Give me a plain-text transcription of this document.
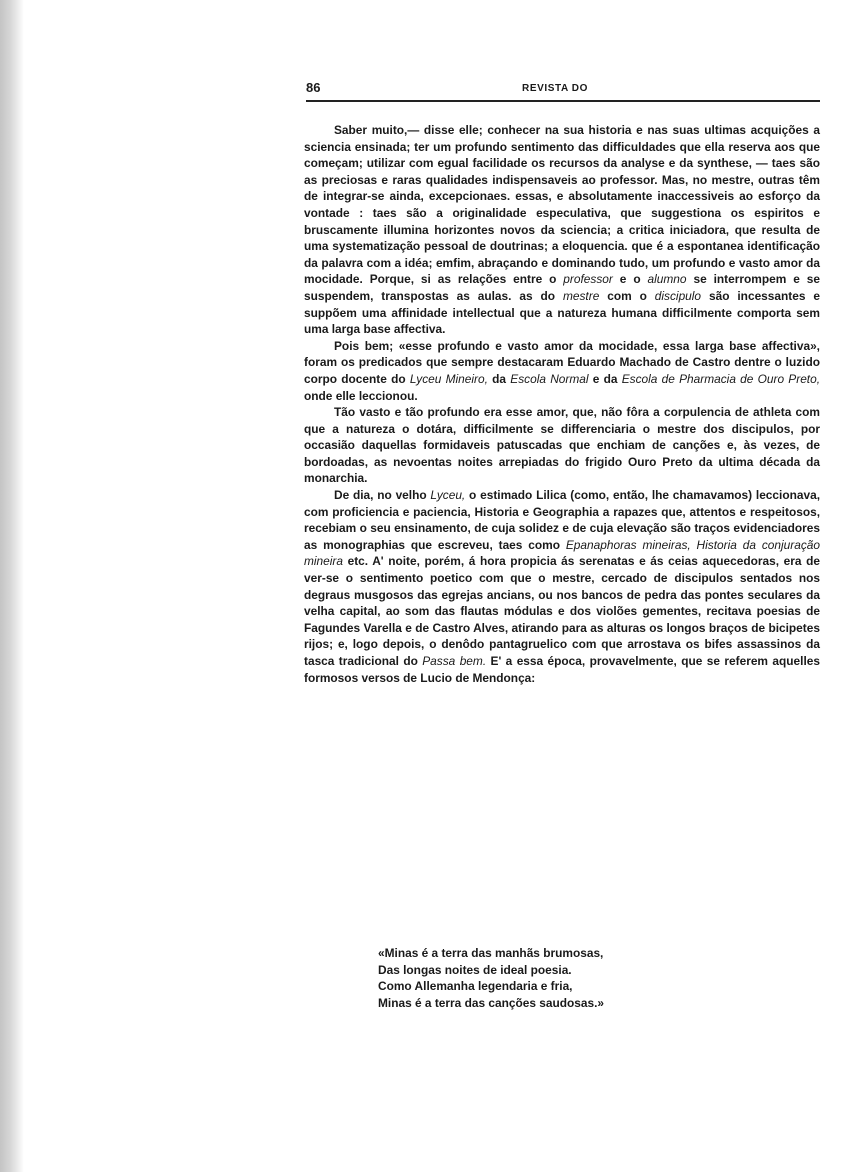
86	REVISTA DO

Saber muito,— disse elle; conhecer na sua historia e nas suas ultimas acquições a sciencia ensinada; ter um profundo sentimento das difficuldades que ella reserva aos que começam; utilizar com egual facilidade os recursos da analyse e da synthese, — taes são as preciosas e raras qualidades indispensaveis ao professor. Mas, no mestre, outras têm de integrar-se ainda, excepcionaes. essas, e absolutamente inaccessiveis ao esforço da vontade : taes são a originalidade especulativa, que suggestiona os espiritos e bruscamente illumina horizontes novos da sciencia; a critica iniciadora, que resulta de uma systematização pessoal de doutrinas; a eloquencia. que é a espontanea identificação da palavra com a idéa; emfim, abraçando e dominando tudo, um profundo e vasto amor da mocidade. Porque, si as relações entre o professor e o alumno se interrompem e se suspendem, transpostas as aulas. as do mestre com o discipulo são incessantes e suppõem uma affinidade intellectual que a natureza humana difficilmente comporta sem uma larga base affectiva.

Pois bem; «esse profundo e vasto amor da mocidade, essa larga base affectiva», foram os predicados que sempre destacaram Eduardo Machado de Castro dentre o luzido corpo docente do Lyceu Mineiro, da Escola Normal e da Escola de Pharmacia de Ouro Preto, onde elle leccionou.

Tão vasto e tão profundo era esse amor, que, não fôra a corpulencia de athleta com que a natureza o dotára, difficilmente se differenciaria o mestre dos discipulos, por occasião daquellas formidaveis patuscadas que enchiam de canções e, às vezes, de bordoadas, as nevoentas noites arrepiadas do frigido Ouro Preto da ultima década da monarchia.

De dia, no velho Lyceu, o estimado Lilica (como, então, lhe chamavamos) leccionava, com proficiencia e paciencia, Historia e Geographia a rapazes que, attentos e respeitosos, recebiam o seu ensinamento, de cuja solidez e de cuja elevação são traços evidenciadores as monographias que escreveu, taes como Epanaphoras mineiras, Historia da conjuração mineira etc. A' noite, porém, á hora propicia ás serenatas e ás ceias aquecedoras, era de ver-se o sentimento poetico com que o mestre, cercado de discipulos sentados nos degraus musgosos das egrejas ancians, ou nos bancos de pedra das pontes seculares da velha capital, ao som das flautas módulas e dos violões gementes, recitava poesias de Fagundes Varella e de Castro Alves, atirando para as alturas os longos braços de bicipetes rijos; e, logo depois, o denôdo pantagruelico com que arrostava os bifes assassinos da tasca tradicional do Passa bem. E' a essa época, provavelmente, que se referem aquelles formosos versos de Lucio de Mendonça:

«Minas é a terra das manhãs brumosas,
Das longas noites de ideal poesia.
Como Allemanha legendaria e fria,
Minas é a terra das canções saudosas.»
